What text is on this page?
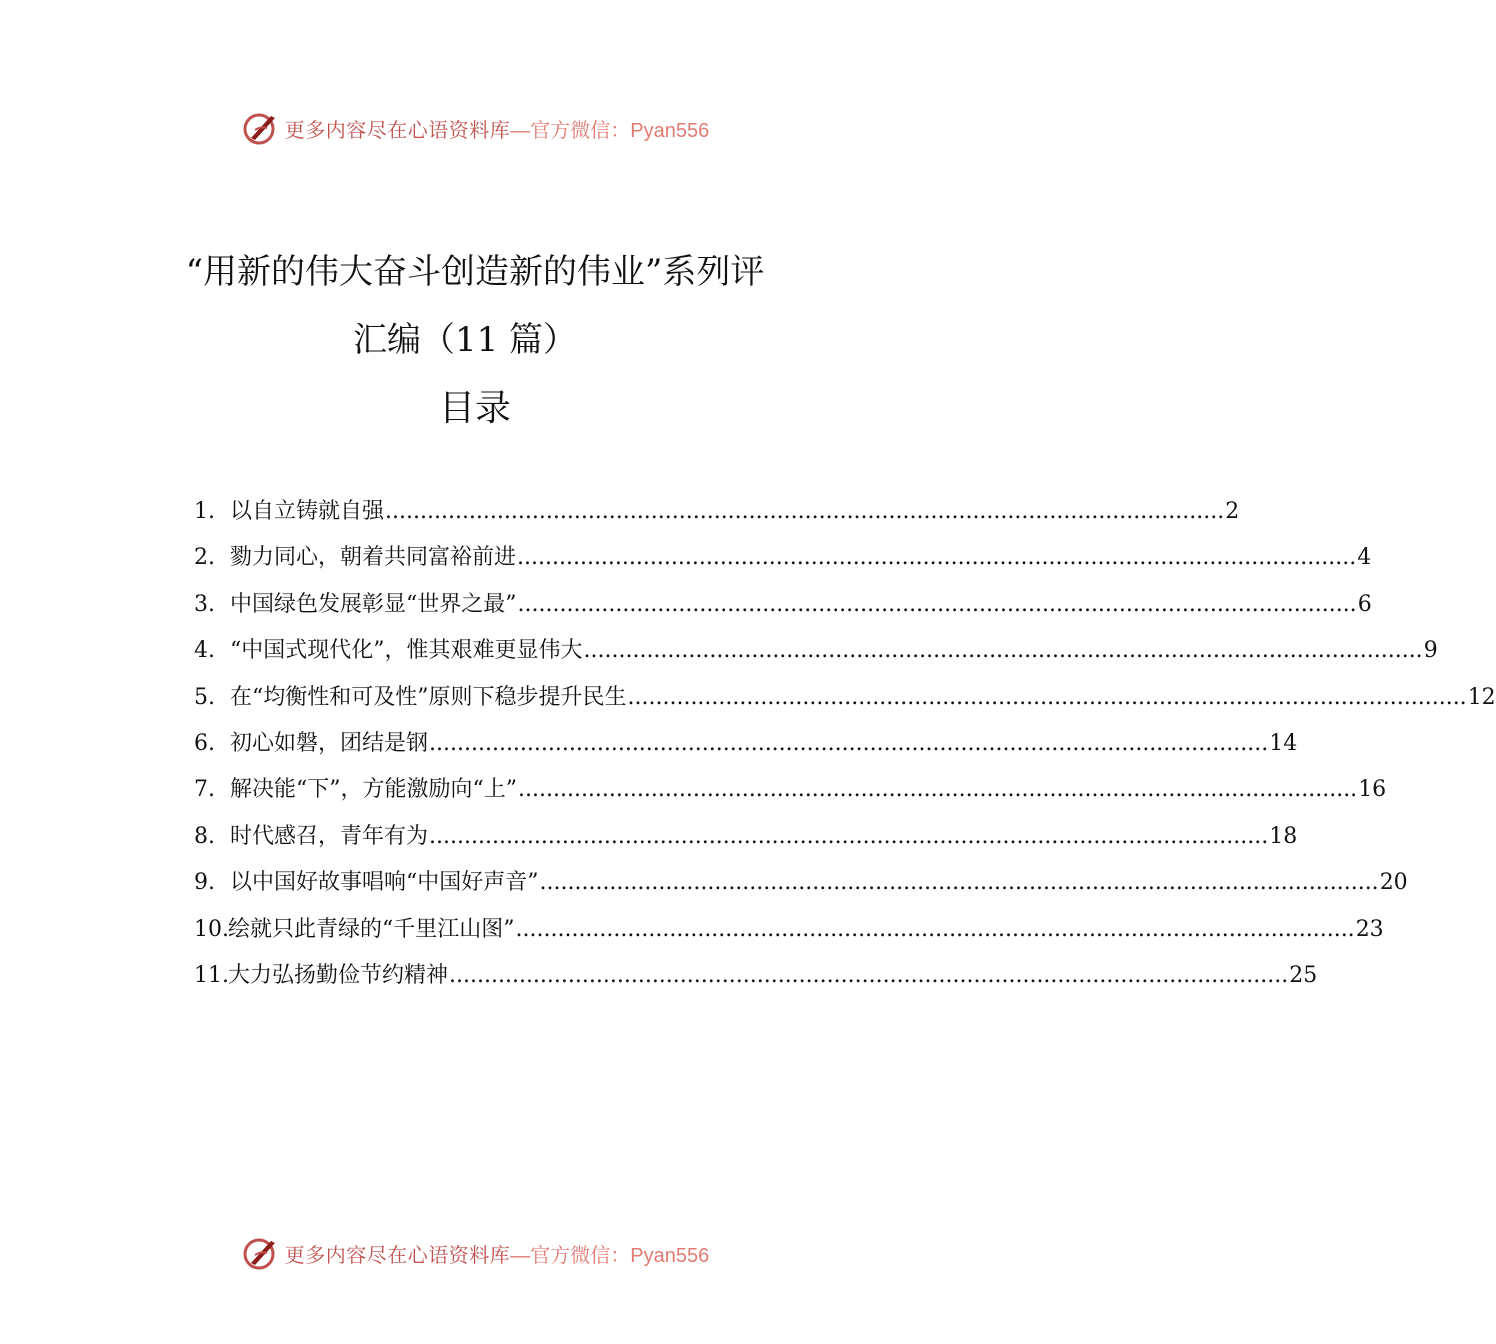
更多内容尽在心语资料库 —官方微信：Pyan556
“用新的伟大奋斗创造新的伟业”系列评
汇编（11 篇）
目录
1. 以自立铸就自强 ........................................................................................................................ 2
2. 勠力同心，朝着共同富裕前进 ........................................................................................................................ 4
3. 中国绿色发展彰显“世界之最” ........................................................................................................................ 6
4. “中国式现代化”，惟其艰难更显伟大 ........................................................................................................................ 9
5. 在“均衡性和可及性”原则下稳步提升民生 ........................................................................................................................ 12
6. 初心如磐，团结是钢 ........................................................................................................................ 14
7. 解决能“下”，方能激励向“上” ........................................................................................................................ 16
8. 时代感召，青年有为 ........................................................................................................................ 18
9. 以中国好故事唱响“中国好声音” ........................................................................................................................ 20
10. 绘就只此青绿的“千里江山图” ........................................................................................................................ 23
11. 大力弘扬勤俭节约精神 ........................................................................................................................ 25
更多内容尽在心语资料库 —官方微信：Pyan556
